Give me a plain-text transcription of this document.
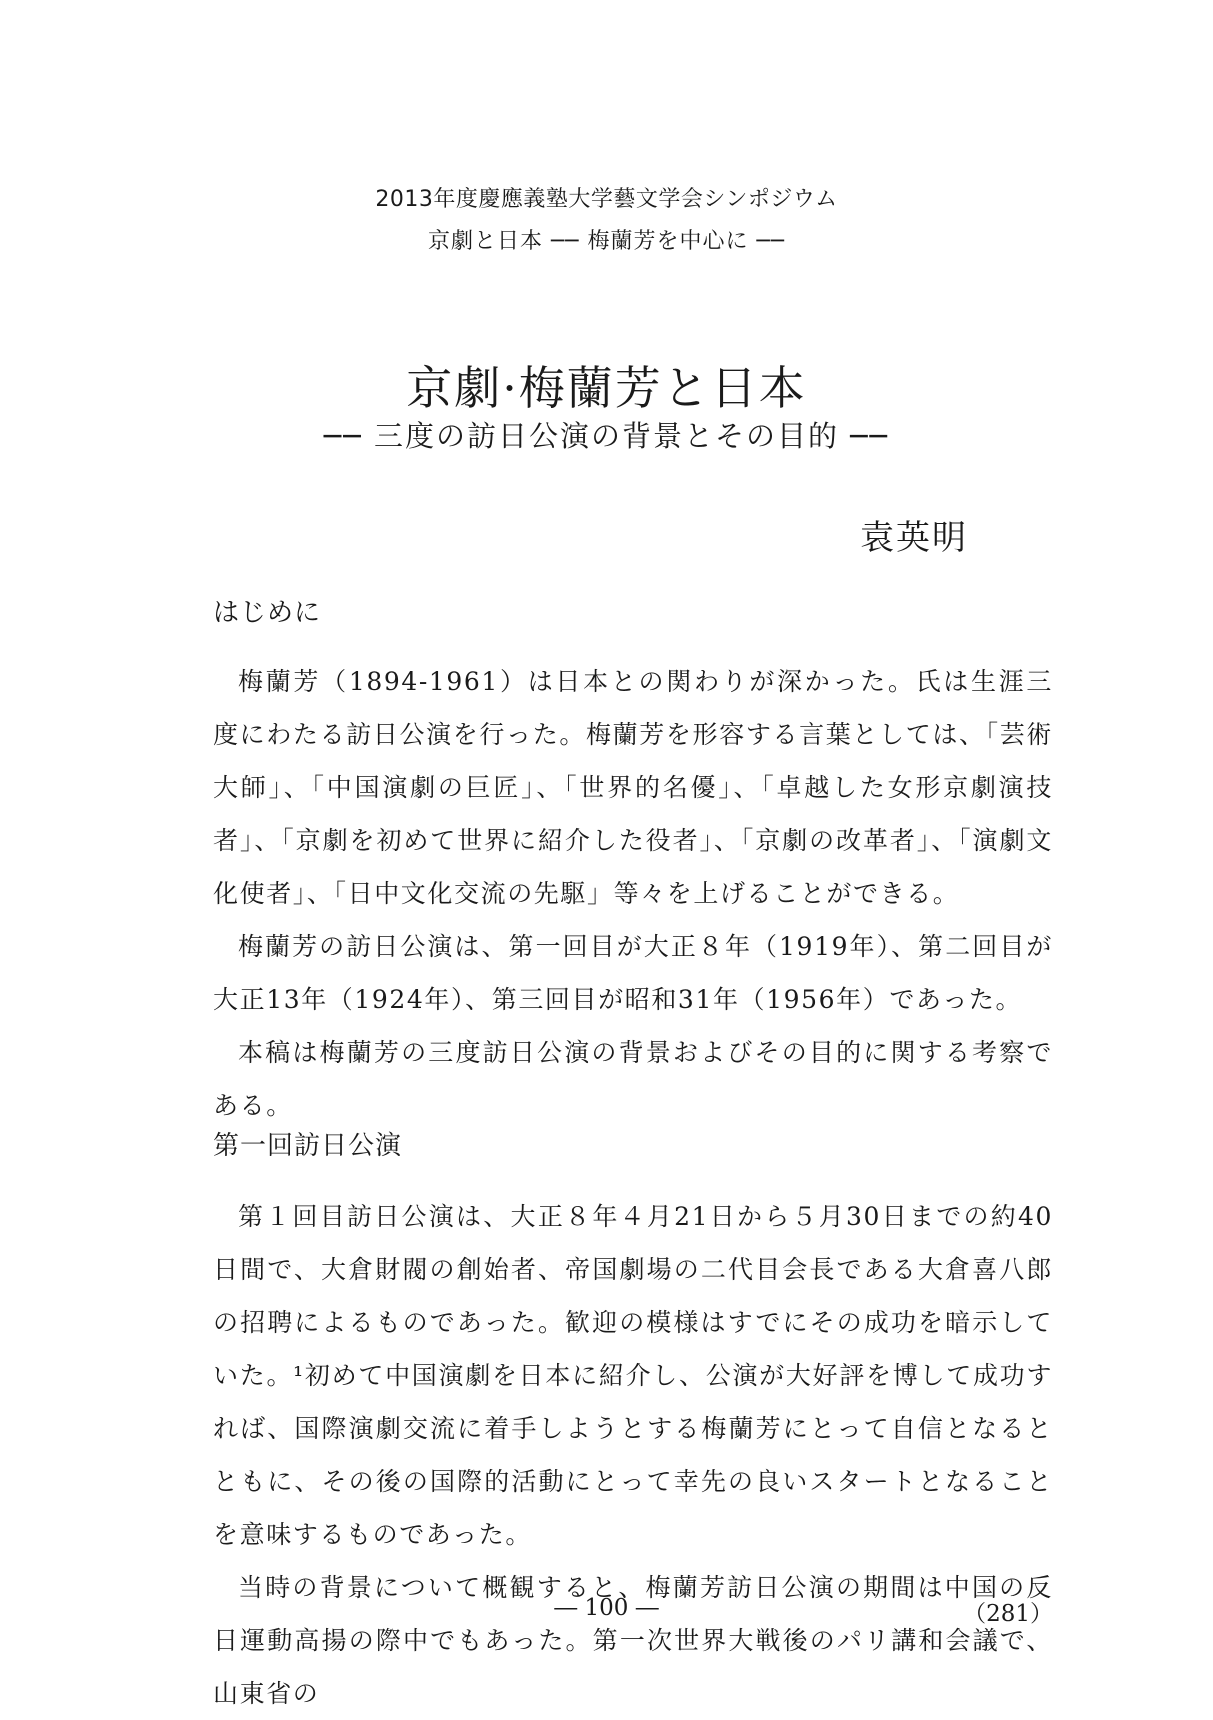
2013年度慶應義塾大学藝文学会シンポジウム
京劇と日本 ── 梅蘭芳を中心に ──
京劇·梅蘭芳と日本
── 三度の訪日公演の背景とその目的 ──
袁英明
はじめに

梅蘭芳（1894-1961）は日本との関わりが深かった。氏は生涯三度にわたる訪日公演を行った。梅蘭芳を形容する言葉としては、「芸術大師」、「中国演劇の巨匠」、「世界的名優」、「卓越した女形京劇演技者」、「京劇を初めて世界に紹介した役者」、「京劇の改革者」、「演劇文化使者」、「日中文化交流の先駆」等々を上げることができる。

梅蘭芳の訪日公演は、第一回目が大正８年（1919年）、第二回目が大正13年（1924年）、第三回目が昭和31年（1956年）であった。

本稿は梅蘭芳の三度訪日公演の背景およびその目的に関する考察である。

第一回訪日公演

第１回目訪日公演は、大正８年４月21日から５月30日までの約40日間で、大倉財閥の創始者、帝国劇場の二代目会長である大倉喜八郎の招聘によるものであった。歓迎の模様はすでにその成功を暗示していた。¹初めて中国演劇を日本に紹介し、公演が大好評を博して成功すれば、国際演劇交流に着手しようとする梅蘭芳にとって自信となるとともに、その後の国際的活動にとって幸先の良いスタートとなることを意味するものであった。

当時の背景について概観すると、梅蘭芳訪日公演の期間は中国の反日運動高揚の際中でもあった。第一次世界大戦後のパリ講和会議で、山東省の

― 100 ―	（281）
